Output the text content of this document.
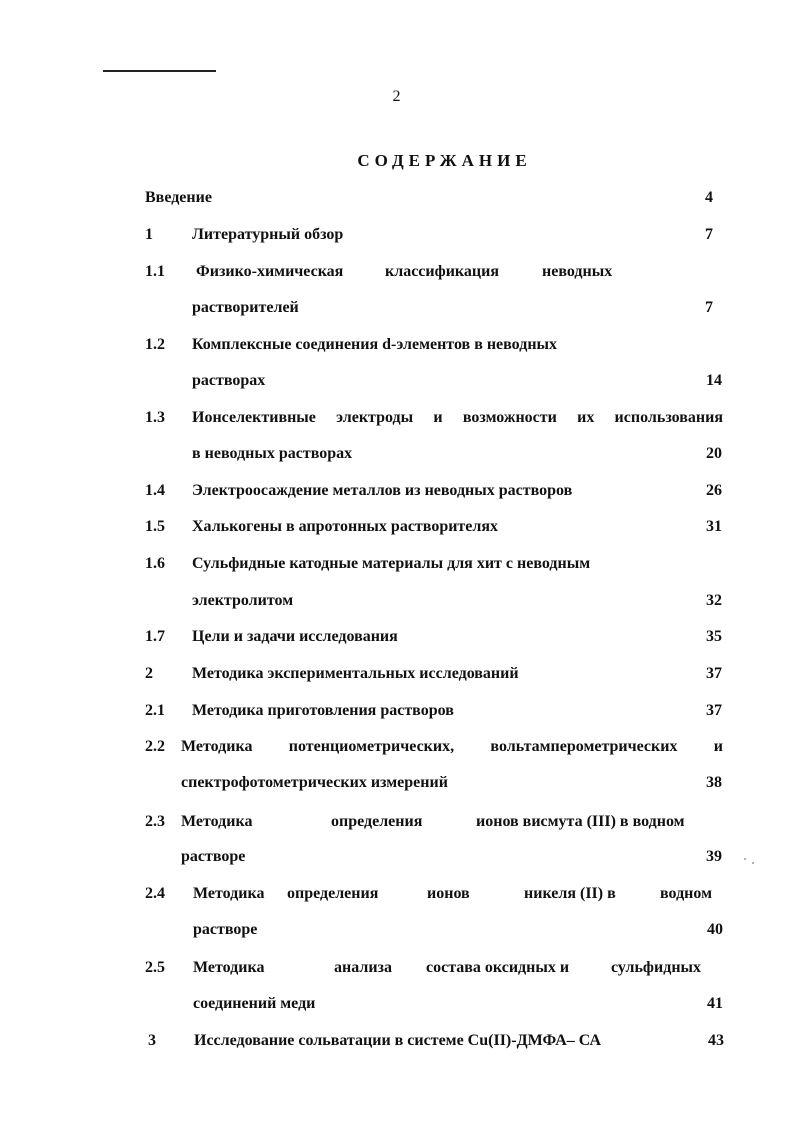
2
СОДЕРЖАНИЕ
Введение	4
1 Литературный обзор	7
1.1 Физико-химическая	классификация	неводных
растворителей	7
1.2 Комплексные соединения d-элементов в неводных
растворах	14
1.3 Ионселективные электроды и возможности их использования
в неводных растворах	20
1.4 Электроосаждение металлов из неводных растворов	26
1.5 Халькогены в апротонных растворителях	31
1.6 Сульфидные катодные материалы для хит с неводным
электролитом	32
1.7 Цели и задачи исследования	35
2 Методика экспериментальных исследований	37
2.1 Методика приготовления растворов	37
2.2 Методика потенциометрических, вольтамперометрических и
спектрофотометрических измерений	38
2.3 Методика	определения	ионов висмута (III) в водном
растворе	39
2.4 Методика определения	ионов	никеля (II) в	водном
растворе	40
2.5 Методика	анализа состава оксидных и	сульфидных
соединений меди	41
3 Исследование сольватации в системе Cu(II)-ДМФА– СА	43
